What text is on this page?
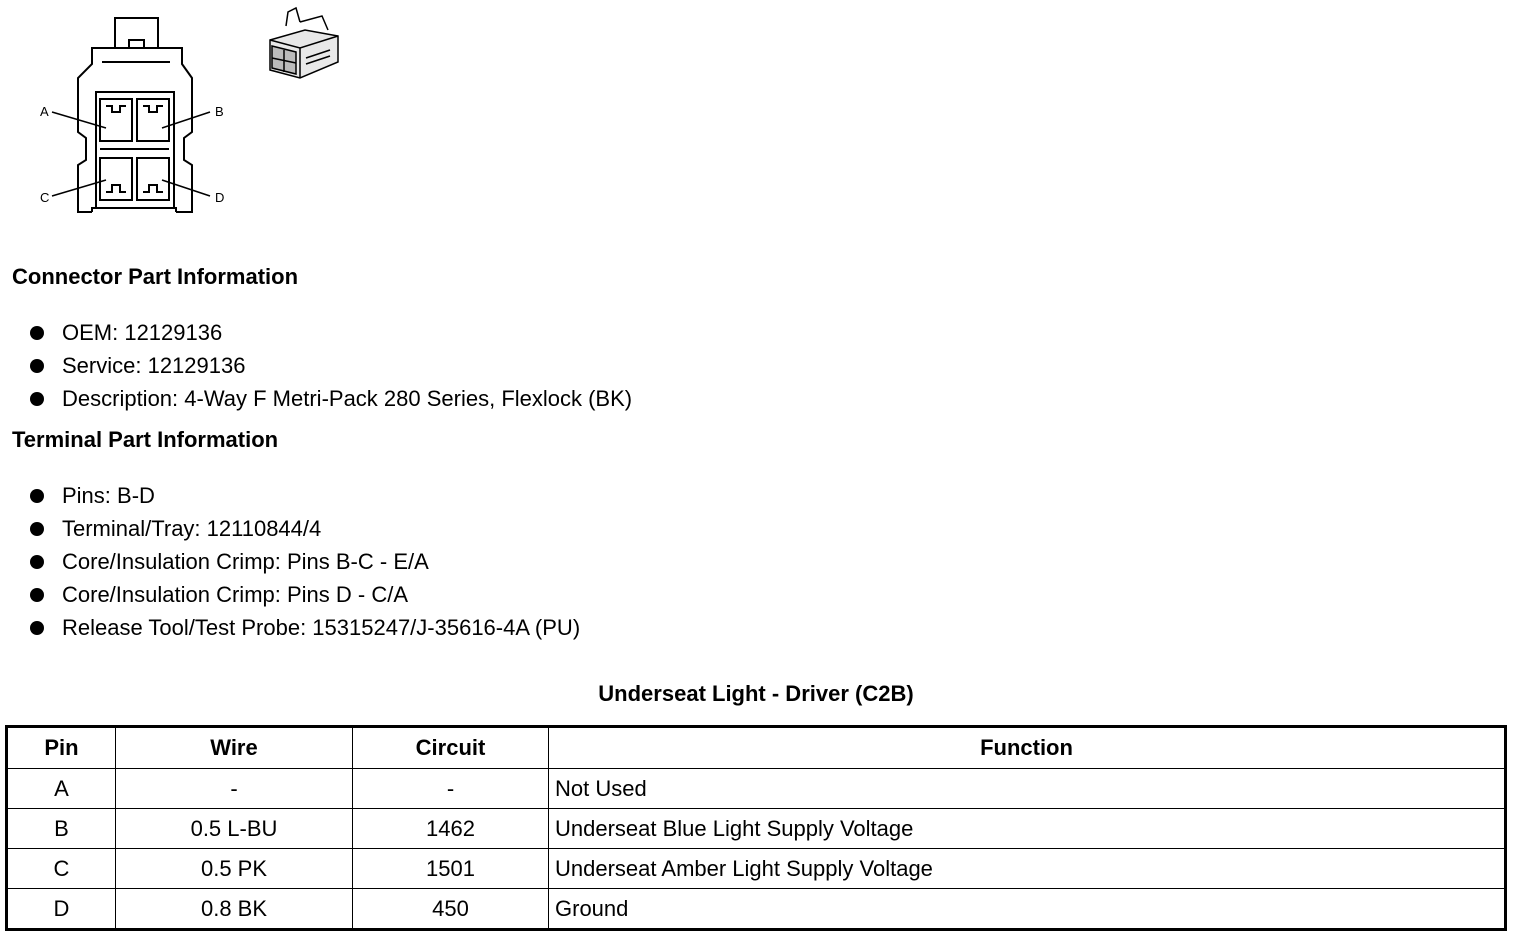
A	B
C	D
Connector Part Information
OEM: 12129136
Service: 12129136
Description: 4-Way F Metri-Pack 280 Series, Flexlock (BK)
Terminal Part Information
Pins: B-D
Terminal/Tray: 12110844/4
Core/Insulation Crimp: Pins B-C - E/A
Core/Insulation Crimp: Pins D - C/A
Release Tool/Test Probe: 15315247/J-35616-4A (PU)
Underseat Light - Driver (C2B)
Pin	Wire	Circuit	Function
A	-	-	Not Used
B	0.5 L-BU	1462	Underseat Blue Light Supply Voltage
C	0.5 PK	1501	Underseat Amber Light Supply Voltage
D	0.8 BK	450	Ground
